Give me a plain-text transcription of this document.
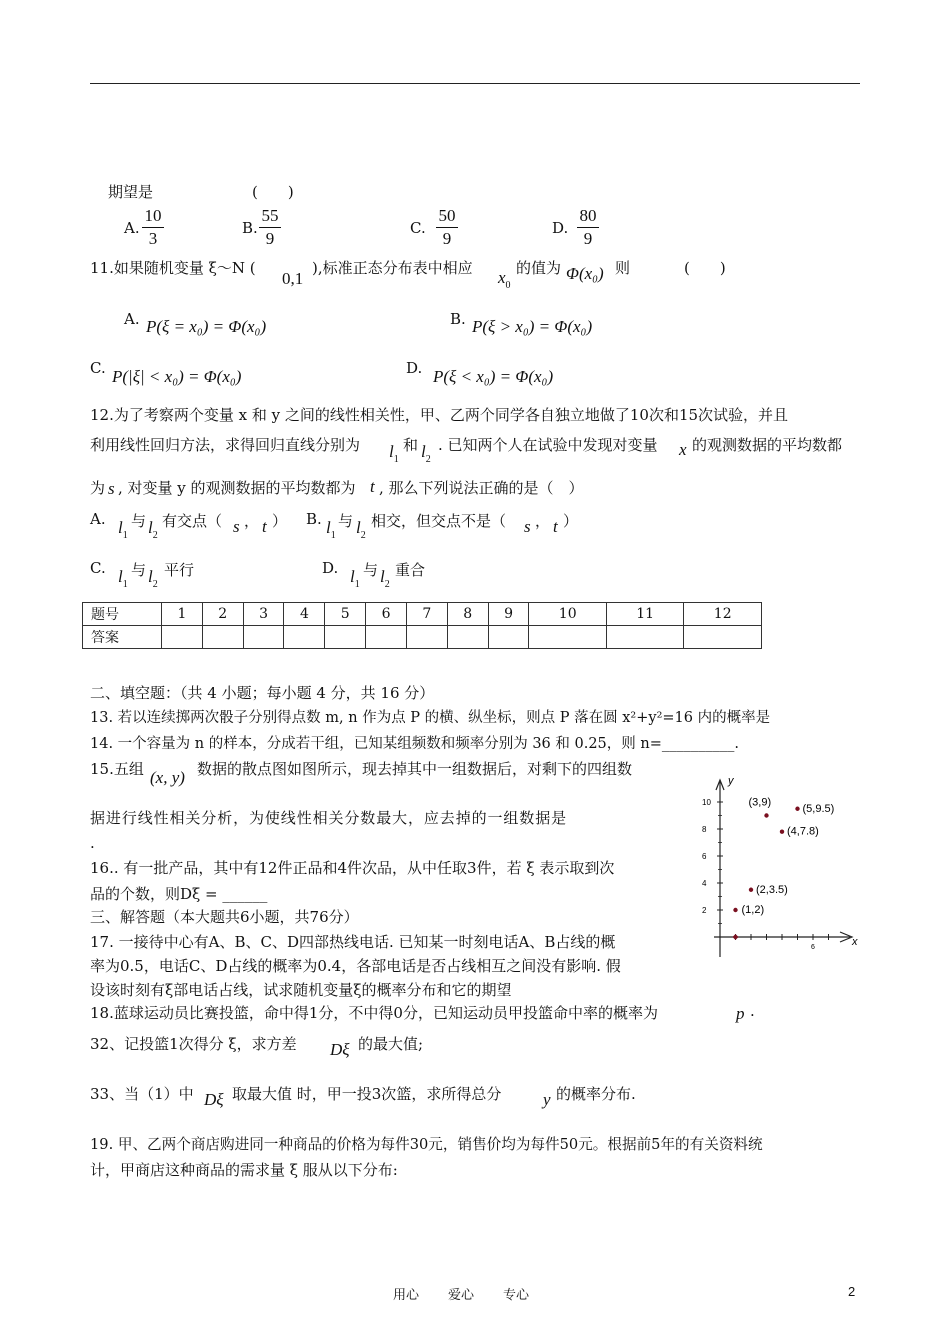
期望是	(　　)
A.
10
3
B.
55
9
C.
50
9
D.
80
9
11.如果随机变量 ξ～N (
0,1
),标准正态分布表中相应 $x_0$
的值为 Φ(x₀) 则	(　　)
A. P(ξ = x₀) = Φ(x₀)	B. P(ξ > x₀) = Φ(x₀)
C. P(|ξ| < x₀) = Φ(x₀)	D. P(ξ < x₀) = Φ(x₀)
12.为了考察两个变量 x 和 y 之间的线性相关性，甲、乙两个同学各自独立地做了10次和15次试验，并且
利用线性回归方法，求得回归直线分别为 $l_1$
和 $l_2$
. 已知两个人在试验中发现对变量 x 的观测数据的平均数都
为 s , 对变量 y 的观测数据的平均数都为 t , 那么下列说法正确的是（　）
A. $l_1$
与 $l_2$
有交点（ s ， t ） B. $l_1$
与 $l_2$
相交，但交点不是（ s ， t ）
C. $l_1$
与 $l_2$
平行	D. $l_1$
与 $l_2$
重合
题号	1	2	3	4	5	6	7	8	9	10	11	12
答案												
二、填空题：（共 4 小题；每小题 4 分，共 16 分）
13. 若以连续掷两次骰子分别得点数 m, n 作为点 P 的横、纵坐标，则点 P 落在圆 x²+y²=16 内的概率是
14. 一个容量为 n 的样本，分成若干组，已知某组频数和频率分别为 36 和 0.25，则 n=__________.
15.五组 (x, y) 数据的散点图如图所示，现去掉其中一组数据后，对剩下的四组数
据进行线性相关分析，为使线性相关分数最大，应去掉的一组数据是
.
16.. 有一批产品，其中有12件正品和4件次品，从中任取3件，若 ξ 表示取到次
品的个数，则Dξ = ______
三、解答题（本大题共6小题，共76分）
17. 一接待中心有A、B、C、D四部热线电话. 已知某一时刻电话A、B占线的概
率为0.5，电话C、D占线的概率为0.4，各部电话是否占线相互之间没有影响. 假
设该时刻有ξ部电话占线，试求随机变量ξ的概率分布和它的期望
18.蓝球运动员比赛投篮，命中得1分，不中得0分，已知运动员甲投篮命中率的概率为	p .
32、记投篮1次得分 ξ，求方差 Dξ 的最大值;
33、当（1）中 Dξ 取最大值 时，甲一投3次篮，求所得总分 y 的概率分布.
19. 甲、乙两个商店购进同一种商品的价格为每件30元，销售价均为每件50元。根据前5年的有关资料统
计，甲商店这种商品的需求量 ξ 服从以下分布:
y
x
10
8
6
4
2
6
(1,2)
(2,3.5)
(3,9)
(4,7.8)
(5,9.5)
用心 爱心 专心	2
